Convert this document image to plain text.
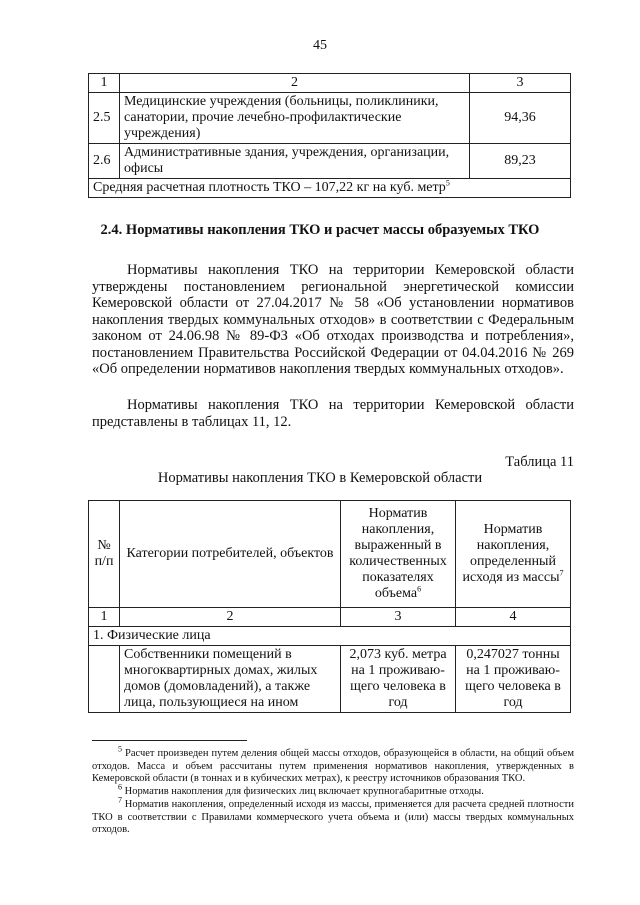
45
1	2	3
2.5	Медицинские учреждения (больницы, поликлиники, санатории, прочие лечебно-профилактические учреждения)	94,36
2.6	Административные здания, учреждения, организации, офисы	89,23
Средняя расчетная плотность ТКО – 107,22 кг на куб. метр$^5$
2.4. Нормативы накопления ТКО и расчет массы образуемых ТКО

Нормативы накопления ТКО на территории Кемеровской области утверждены постановлением региональной энергетической комиссии Кемеровской области от 27.04.2017 № 58 «Об установлении нормативов накопления твердых коммунальных отходов» в соответствии с Федеральным законом от 24.06.98 № 89-ФЗ «Об отходах производства и потребления», постановлением Правительства Российской Федерации от 04.04.2016 № 269 «Об определении нормативов накопления твердых коммунальных отходов».

Нормативы накопления ТКО на территории Кемеровской области представлены в таблицах 11, 12.

Таблица 11
Нормативы накопления ТКО в Кемеровской области
№ п/п	Категории потребителей, объектов	Норматив накопления, выраженный в количественных показателях объема$^6$	Норматив накопления, определенный исходя из массы$^7$
1	2	3	4
1. Физические лица			
	Собственники помещений в многоквартирных домах, жилых домов (домовладений), а также лица, пользующиеся на ином	2,073 куб. метра на 1 проживаю-щего человека в год	0,247027 тонны на 1 проживаю-щего человека в год

$^5$ Расчет произведен путем деления общей массы отходов, образующейся в области, на общий объем отходов. Масса и объем рассчитаны путем применения нормативов накопления, утвержденных в Кемеровской области (в тоннах и в кубических метрах), к реестру источников образования ТКО.

$^6$ Норматив накопления для физических лиц включает крупногабаритные отходы.

$^7$ Норматив накопления, определенный исходя из массы, применяется для расчета средней плотности ТКО в соответствии с Правилами коммерческого учета объема и (или) массы твердых коммунальных отходов.
